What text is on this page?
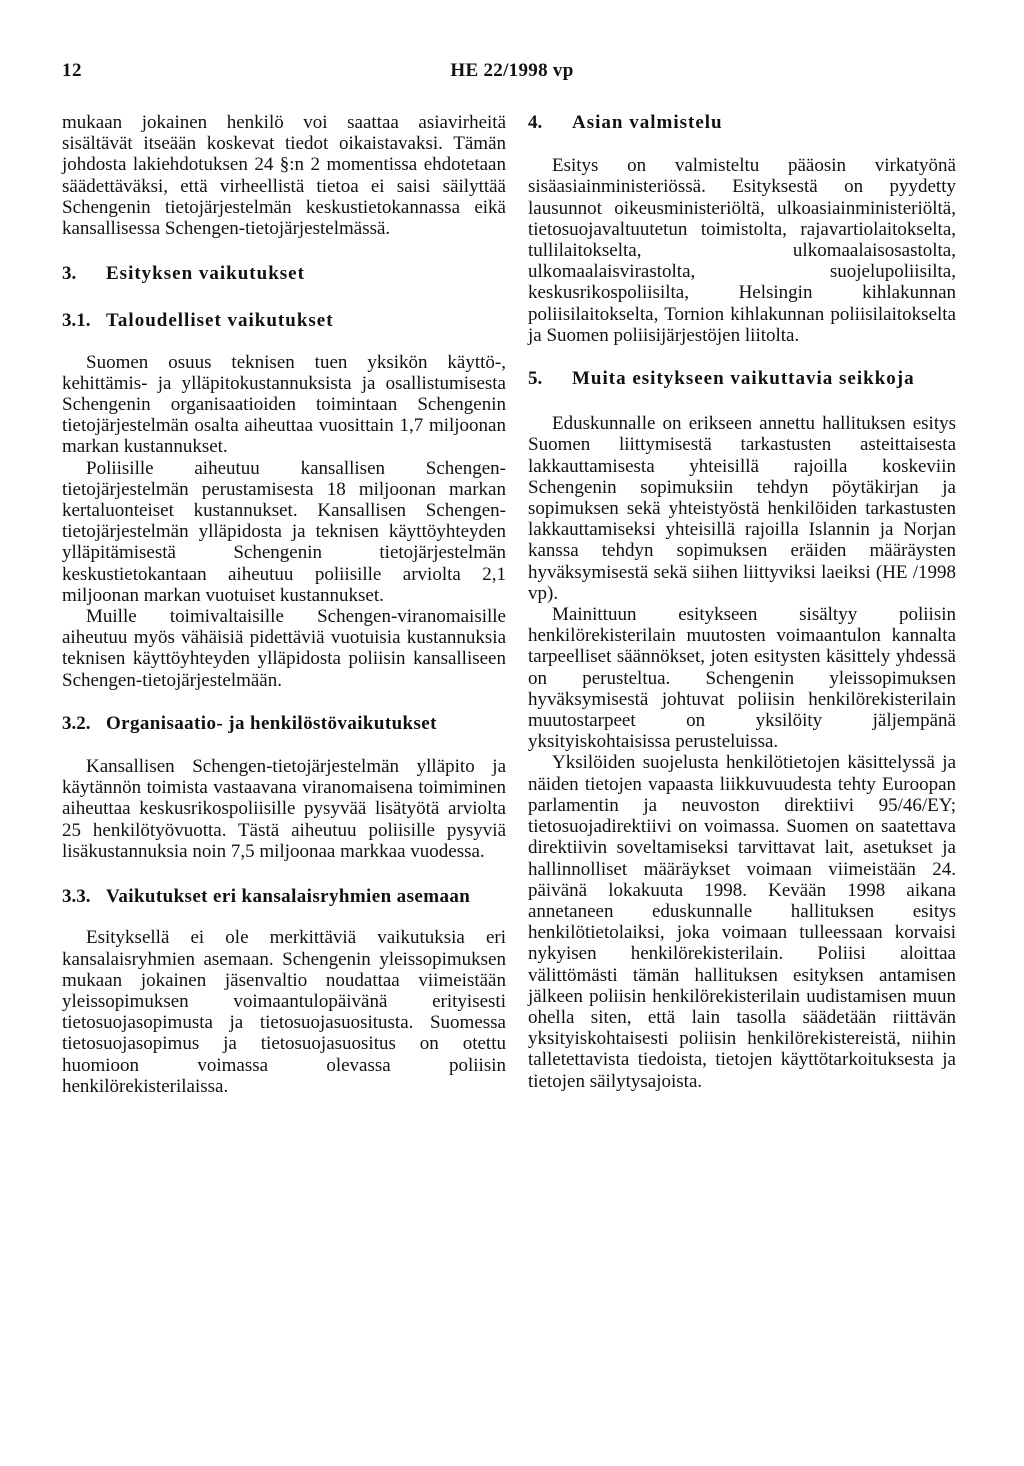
12	HE 22/1998 vp

mukaan jokainen henkilö voi saattaa asiavirheitä sisältävät itseään koskevat tiedot oikaistavaksi. Tämän johdosta lakiehdotuksen 24 §:n 2 momentissa ehdotetaan säädettäväksi, että virheellistä tietoa ei saisi säilyttää Schengenin tietojärjestelmän keskustietokannassa eikä kansallisessa Schengen-tietojärjestelmässä.

3.	Esityksen vaikutukset
3.1. Taloudelliset vaikutukset

Suomen osuus teknisen tuen yksikön käyttö-, kehittämis- ja ylläpitokustannuksista ja osallistumisesta Schengenin organisaatioiden toimintaan Schengenin tietojärjestelmän osalta aiheuttaa vuosittain 1,7 miljoonan markan kustannukset.

Poliisille aiheutuu kansallisen Schengen-tietojärjestelmän perustamisesta 18 miljoonan markan kertaluonteiset kustannukset. Kansallisen Schengen-tietojärjestelmän ylläpidosta ja teknisen käyttöyhteyden ylläpitämisestä Schengenin tietojärjestelmän keskustietokantaan aiheutuu poliisille arviolta 2,1 miljoonan markan vuotuiset kustannukset.

Muille toimivaltaisille Schengen-viranomaisille aiheutuu myös vähäisiä pidettäviä vuotuisia kustannuksia teknisen käyttöyhteyden ylläpidosta poliisin kansalliseen Schengen-tietojärjestelmään.

3.2. Organisaatio- ja henkilöstövaikutukset

Kansallisen Schengen-tietojärjestelmän ylläpito ja käytännön toimista vastaavana viranomaisena toimiminen aiheuttaa keskusrikospoliisille pysyvää lisätyötä arviolta 25 henkilötyövuotta. Tästä aiheutuu poliisille pysyviä lisäkustannuksia noin 7,5 miljoonaa markkaa vuodessa.

3.3. Vaikutukset eri kansalaisryhmien asemaan

Esityksellä ei ole merkittäviä vaikutuksia eri kansalaisryhmien asemaan. Schengenin yleissopimuksen mukaan jokainen jäsenvaltio noudattaa viimeistään yleissopimuksen voimaantulopäivänä erityisesti tietosuojasopimusta ja tietosuojasuositusta. Suomessa tietosuojasopimus ja tietosuojasuositus on otettu huomioon voimassa olevassa poliisin henkilörekisterilaissa.

4.	Asian valmistelu

Esitys on valmisteltu pääosin virkatyönä sisäasiainministeriössä. Esityksestä on pyydetty lausunnot oikeusministeriöltä, ulkoasiainministeriöltä, tietosuojavaltuutetun toimistolta, rajavartiolaitokselta, tullilaitokselta, ulkomaalaisosastolta, ulkomaalaisvirastolta, suojelupoliisilta, keskusrikospoliisilta, Helsingin kihlakunnan poliisilaitokselta, Tornion kihlakunnan poliisilaitokselta ja Suomen poliisijärjestöjen liitolta.

5.	Muita esitykseen vaikuttavia seikkoja

Eduskunnalle on erikseen annettu hallituksen esitys Suomen liittymisestä tarkastusten asteittaisesta lakkauttamisesta yhteisillä rajoilla koskeviin Schengenin sopimuksiin tehdyn pöytäkirjan ja sopimuksen sekä yhteistyöstä henkilöiden tarkastusten lakkauttamiseksi yhteisillä rajoilla Islannin ja Norjan kanssa tehdyn sopimuksen eräiden määräysten hyväksymisestä sekä siihen liittyviksi laeiksi (HE /1998 vp).

Mainittuun esitykseen sisältyy poliisin henkilörekisterilain muutosten voimaantulon kannalta tarpeelliset säännökset, joten esitysten käsittely yhdessä on perusteltua. Schengenin yleissopimuksen hyväksymisestä johtuvat poliisin henkilörekisterilain muutostarpeet on yksilöity jäljempänä yksityiskohtaisissa perusteluissa.

Yksilöiden suojelusta henkilötietojen käsittelyssä ja näiden tietojen vapaasta liikkuvuudesta tehty Euroopan parlamentin ja neuvoston direktiivi 95/46/EY; tietosuojadirektiivi on voimassa. Suomen on saatettava direktiivin soveltamiseksi tarvittavat lait, asetukset ja hallinnolliset määräykset voimaan viimeistään 24. päivänä lokakuuta 1998. Kevään 1998 aikana annetaneen eduskunnalle hallituksen esitys henkilötietolaiksi, joka voimaan tulleessaan korvaisi nykyisen henkilörekisterilain. Poliisi aloittaa välittömästi tämän hallituksen esityksen antamisen jälkeen poliisin henkilörekisterilain uudistamisen muun ohella siten, että lain tasolla säädetään riittävän yksityiskohtaisesti poliisin henkilörekistereistä, niihin talletettavista tiedoista, tietojen käyttötarkoituksesta ja tietojen säilytysajoista.
